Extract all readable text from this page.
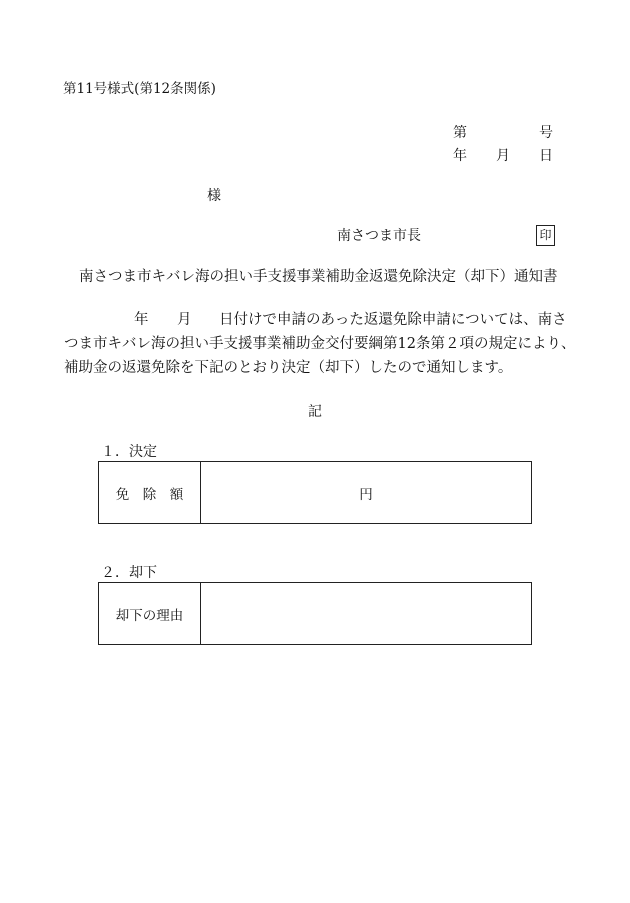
第11号様式(第12条関係)
第	号
年 月 日
様
南さつま市長	印
南さつま市キバレ海の担い手支援事業補助金返還免除決定（却下）通知書
年 月 日付けで申請のあった返還免除申請については、南さ
つま市キバレ海の担い手支援事業補助金交付要綱第12条第２項の規定により、
補助金の返還免除を下記のとおり決定（却下）したので通知します。
記
１．決定
免　除　額	円
２．却下
却下の理由	
